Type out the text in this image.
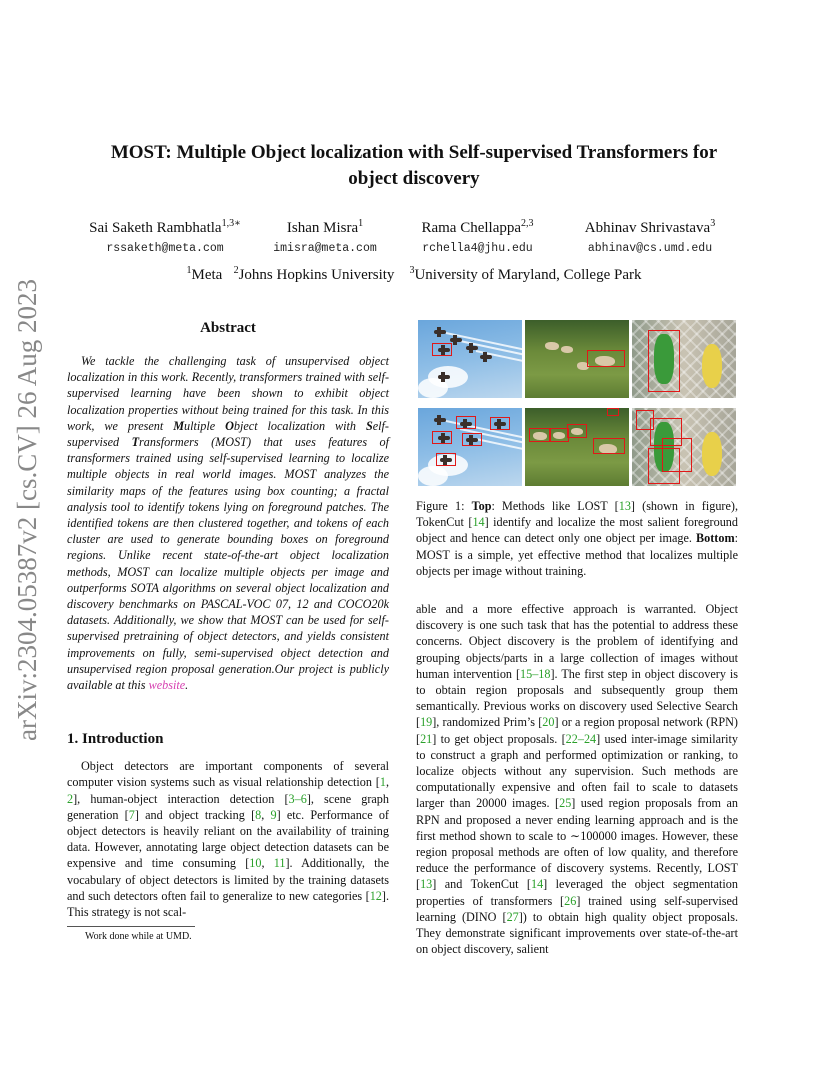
arXiv:2304.05387v2 [cs.CV] 26 Aug 2023
MOST: Multiple Object localization with Self-supervised Transformers for
object discovery
Sai Saketh Rambhatla$^{1,3∗}$
rssaketh@meta.com
Ishan Misra$^1$
imisra@meta.com
Rama Chellappa$^{2,3}$
rchella4@jhu.edu
Abhinav Shrivastava$^3$
abhinav@cs.umd.edu
$^1$Meta $^2$Johns Hopkins University $^3$University of Maryland, College Park
Abstract

We tackle the challenging task of unsupervised object localization in this work. Recently, transformers trained with self-supervised learning have been shown to exhibit object localization properties without being trained for this task. In this work, we present Multiple Object localization with Self-supervised Transformers (MOST) that uses features of transformers trained using self-supervised learning to localize multiple objects in real world images. MOST analyzes the similarity maps of the features using box counting; a fractal analysis tool to identify tokens lying on foreground patches. The identified tokens are then clustered together, and tokens of each cluster are used to generate bounding boxes on foreground regions. Unlike recent state-of-the-art object localization methods, MOST can localize multiple objects per image and outperforms SOTA algorithms on several object localization and discovery benchmarks on PASCAL-VOC 07, 12 and COCO20k datasets. Additionally, we show that MOST can be used for self-supervised pretraining of object detectors, and yields consistent improvements on fully, semi-supervised object detection and unsupervised region proposal generation.Our project is publicly available at this website.

1. Introduction

Object detectors are important components of several computer vision systems such as visual relationship detection [1, 2], human-object interaction detection [3–6], scene graph generation [7] and object tracking [8, 9] etc. Performance of object detectors is heavily reliant on the availability of training data. However, annotating large object detection datasets can be expensive and time consuming [10, 11]. Additionally, the vocabulary of object detectors is limited by the training datasets and such detectors often fail to generalize to new categories [12]. This strategy is not scal-

Work done while at UMD.

Figure 1: Top: Methods like LOST [13] (shown in figure), TokenCut [14] identify and localize the most salient foreground object and hence can detect only one object per image. Bottom: MOST is a simple, yet effective method that localizes multiple objects per image without training.

able and a more effective approach is warranted. Object discovery is one such task that has the potential to address these concerns. Object discovery is the problem of identifying and grouping objects/parts in a large collection of images without human intervention [15–18]. The first step in object discovery is to obtain region proposals and subsequently group them semantically. Previous works on discovery used Selective Search [19], randomized Prim’s [20] or a region proposal network (RPN) [21] to get object proposals. [22–24] used inter-image similarity to construct a graph and performed optimization or ranking, to localize objects without any supervision. Such methods are computationally expensive and often fail to scale to datasets larger than 20000 images. [25] used region proposals from an RPN and proposed a never ending learning approach and is the first method shown to scale to ∼100000 images. However, these region proposal methods are often of low quality, and therefore reduce the performance of discovery systems. Recently, LOST [13] and TokenCut [14] leveraged the object segmentation properties of transformers [26] trained using self-supervised learning (DINO [27]) to obtain high quality object proposals. They demonstrate significant improvements over state-of-the-art on object discovery, salient
